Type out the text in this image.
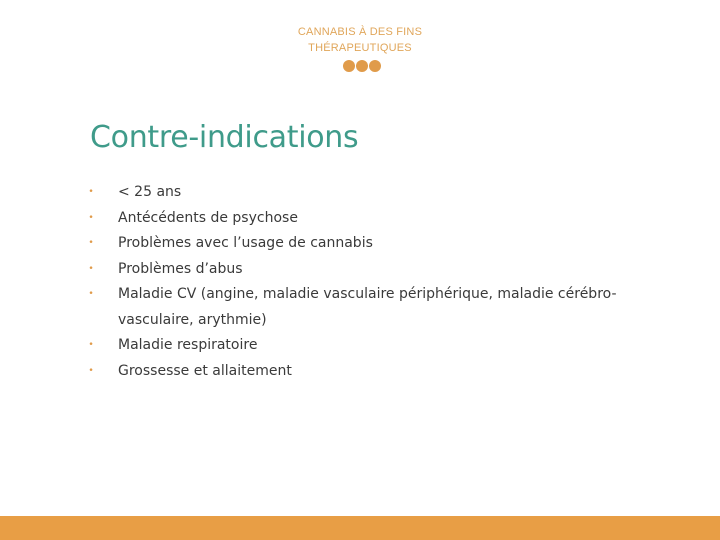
CANNABIS À DES FINS
THÉRAPEUTIQUES
Contre-indications
• < 25 ans
• Antécédents de psychose
• Problèmes avec l’usage de cannabis
• Problèmes d’abus
• Maladie CV (angine, maladie vasculaire périphérique, maladie cérébro-vasculaire, arythmie)
• Maladie respiratoire
• Grossesse et allaitement
